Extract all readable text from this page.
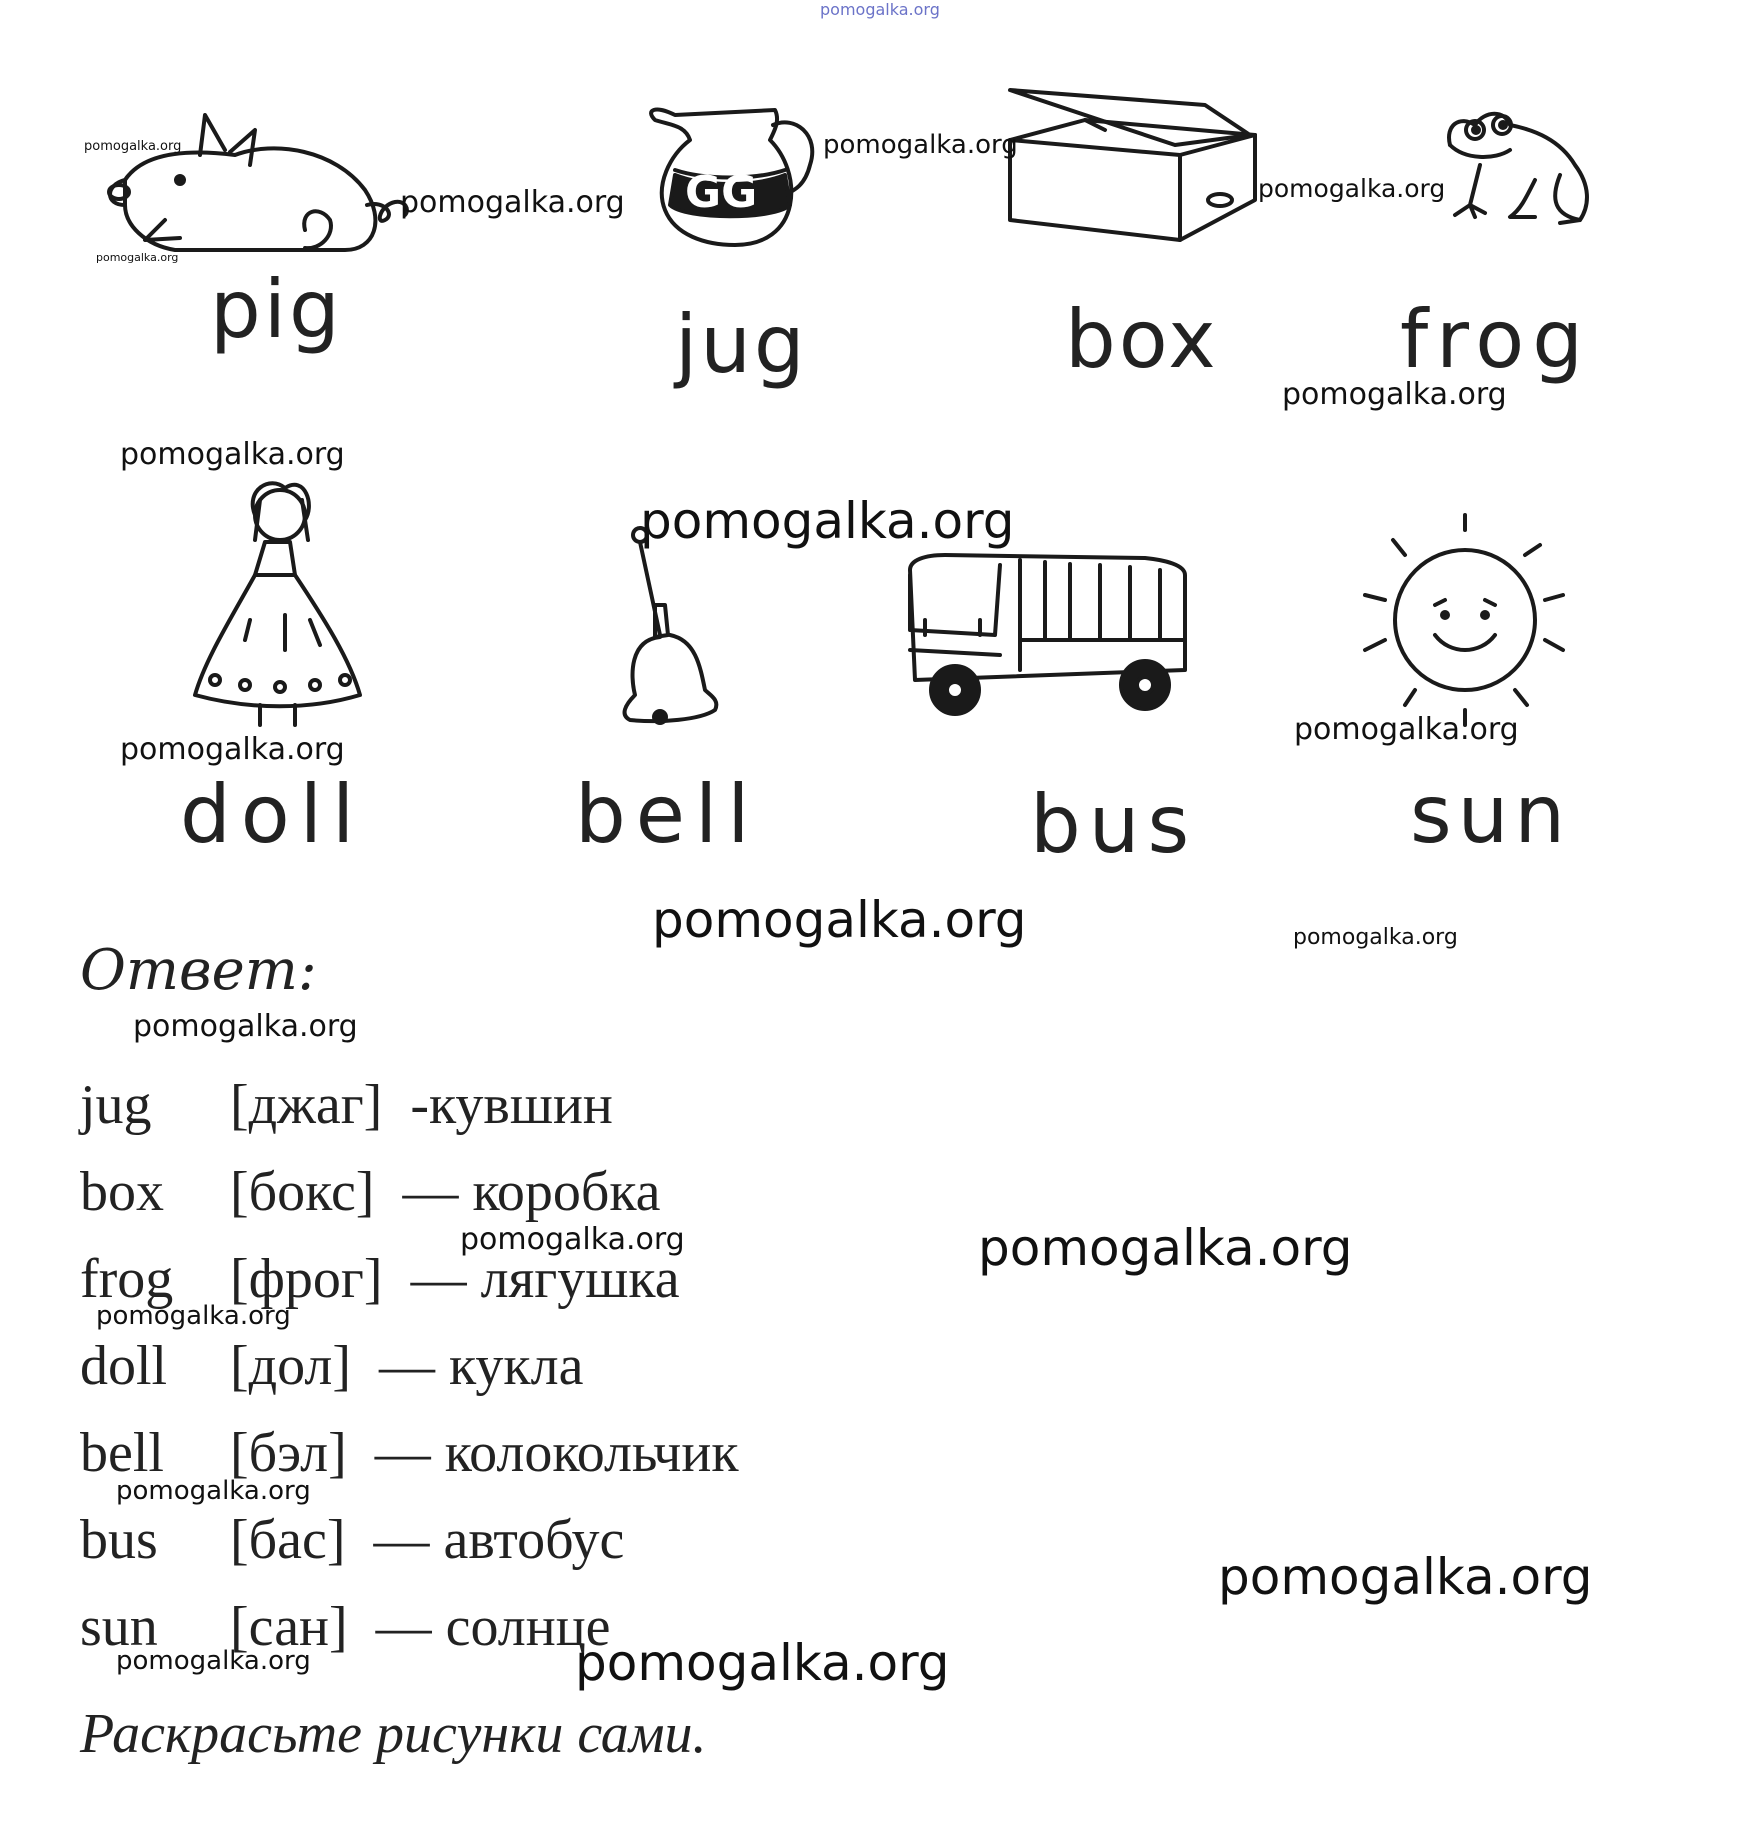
pomogalka.org
pig
GG
jug	box frog
doll	bell	bus	sun
Ответ:
jug [джаг] -кувшин
box [бокс] — коробка
frog [фрог] — лягушка
doll [дол] — кукла
bell [бэл] — колокольчик
bus [бас] — автобус
sun [сан] — солнце
Раскрасьте рисунки сами.
pomogalka.org
pomogalka.org
pomogalka.org
pomogalka.org
pomogalka.org
pomogalka.org
pomogalka.org
pomogalka.org
pomogalka.org
pomogalka.org
pomogalka.org	pomogalka.org
pomogalka.org
pomogalka.org	pomogalka.org
pomogalka.org
pomogalka.org
pomogalka.org
pomogalka.org	pomogalka.org
